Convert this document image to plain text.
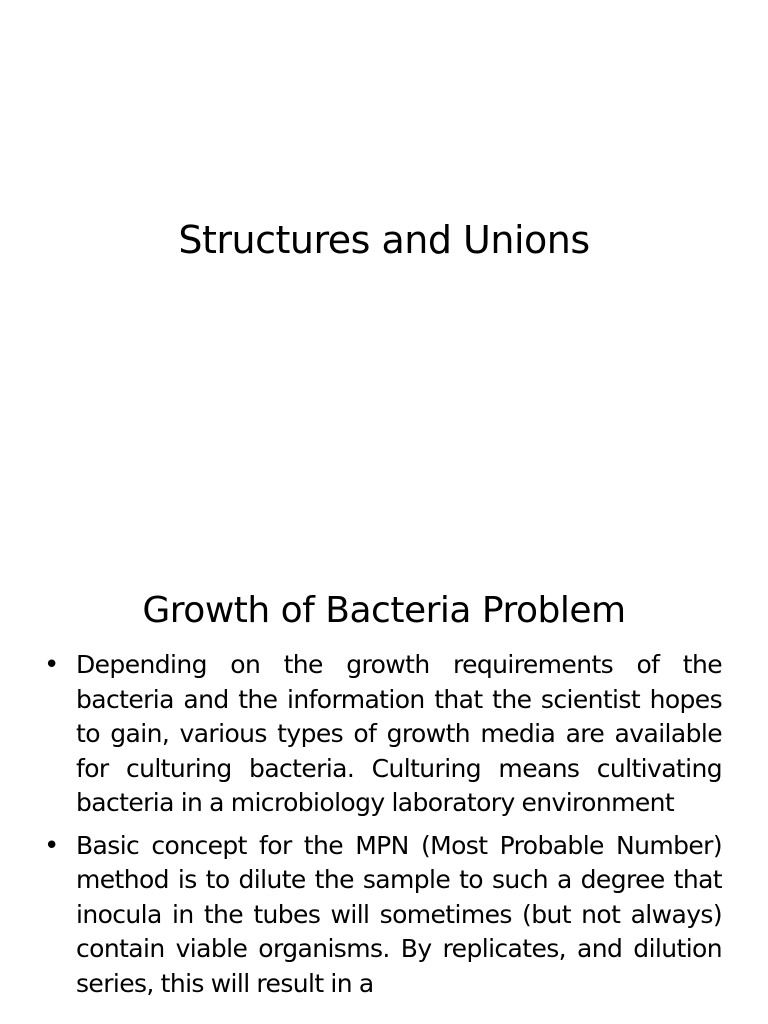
Structures and Unions
Growth of Bacteria Problem
• Depending on the growth requirements of the bacteria and the information that the scientist hopes to gain, various types of growth media are available for culturing bacteria. Culturing means cultivating bacteria in a microbiology laboratory environment
• Basic concept for the MPN (Most Probable Number) method is to dilute the sample to such a degree that inocula in the tubes will sometimes (but not always) contain viable organisms. By replicates, and dilution series, this will result in a
